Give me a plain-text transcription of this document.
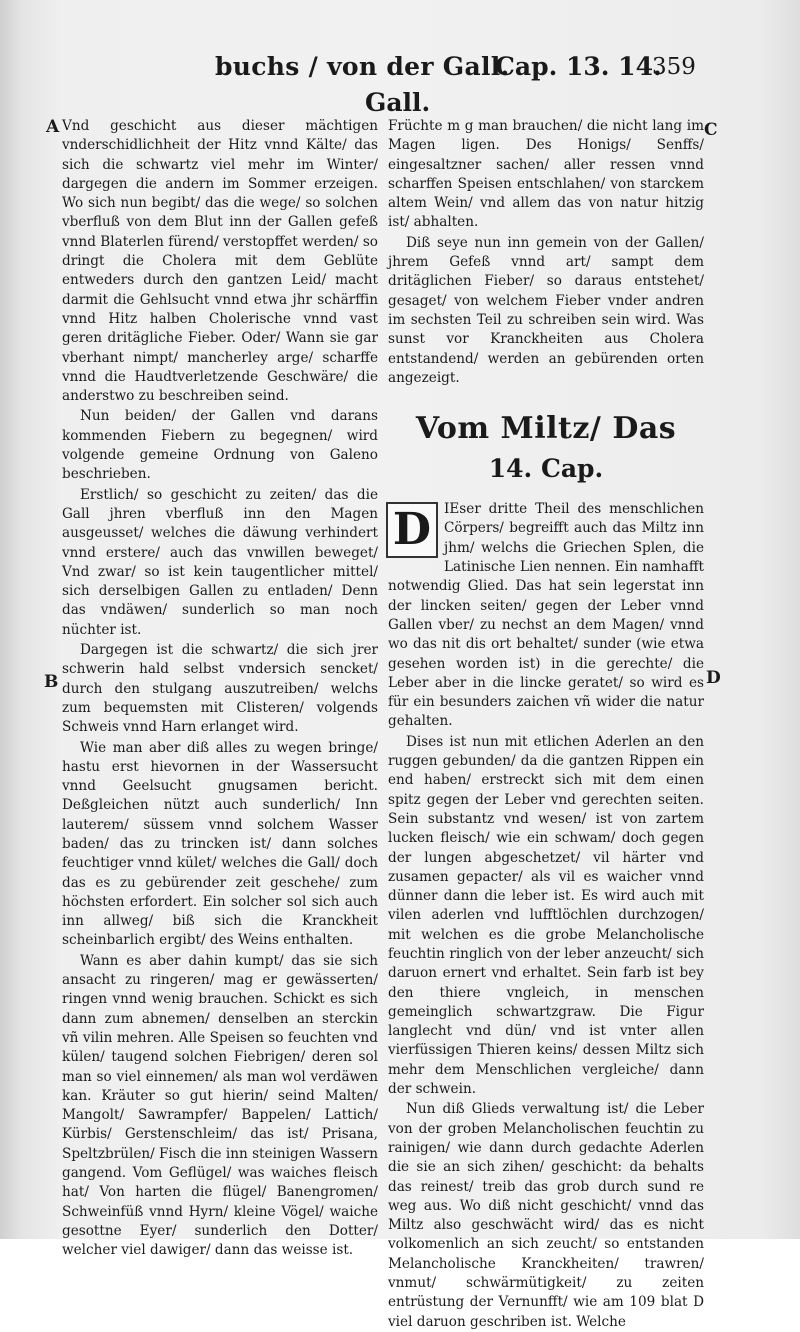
buchs / von der Gall.
Gall.
Cap. 13. 14.
359
A
B
C
D

Vnd geschicht aus dieser mächtigen vnderschidlichheit der Hitz vnnd Kälte/ das sich die schwartz viel mehr im Winter/ dargegen die andern im Sommer erzeigen. Wo sich nun begibt/ das die wege/ so solchen vberfluß von dem Blut inn der Gallen gefeß vnnd Blaterlen fürend/ verstopffet werden/ so dringt die Cholera mit dem Geblüte entweders durch den gantzen Leid/ macht darmit die Gehlsucht vnnd etwa jhr schärffin vnnd Hitz halben Cholerische vnnd vast geren dritägliche Fieber. Oder/ Wann sie gar vberhant nimpt/ mancherley arge/ scharffe vnnd die Haudtverletzende Geschwäre/ die anderstwo zu beschreiben seind.

Nun beiden/ der Gallen vnd darans kommenden Fiebern zu begegnen/ wird volgende gemeine Ordnung von Galeno beschrieben.

Erstlich/ so geschicht zu zeiten/ das die Gall jhren vberfluß inn den Magen ausgeusset/ welches die däwung verhindert vnnd erstere/ auch das vnwillen beweget/ Vnd zwar/ so ist kein taugentlicher mittel/ sich derselbigen Gallen zu entladen/ Denn das vndäwen/ sunderlich so man noch nüchter ist.

Dargegen ist die schwartz/ die sich jrer schwerin hald selbst vndersich sencket/ durch den stulgang auszutreiben/ welchs zum bequemsten mit Clisteren/ volgends Schweis vnnd Harn erlanget wird.

Wie man aber diß alles zu wegen bringe/ hastu erst hievornen in der Wassersucht vnnd Geelsucht gnugsamen bericht. Deßgleichen nützt auch sunderlich/ Inn lauterem/ süssem vnnd solchem Wasser baden/ das zu trincken ist/ dann solches feuchtiger vnnd kület/ welches die Gall/ doch das es zu gebürender zeit geschehe/ zum höchsten erfordert. Ein solcher sol sich auch inn allweg/ biß sich die Kranckheit scheinbarlich ergibt/ des Weins enthalten.

Wann es aber dahin kumpt/ das sie sich ansacht zu ringeren/ mag er gewässerten/ ringen vnnd wenig brauchen. Schickt es sich dann zum abnemen/ denselben an sterckin vñ vilin mehren. Alle Speisen so feuchten vnd külen/ taugend solchen Fiebrigen/ deren sol man so viel einnemen/ als man wol verdäwen kan. Kräuter so gut hierin/ seind Malten/ Mangolt/ Sawrampfer/ Bappelen/ Lattich/ Kürbis/ Gerstenschleim/ das ist/ Prisana, Speltzbrülen/ Fisch die inn steinigen Wassern gangend. Vom Geflügel/ was waiches fleisch hat/ Von harten die flügel/ Banengromen/ Schweinfüß vnnd Hyrn/ kleine Vögel/ waiche gesottne Eyer/ sunderlich den Dotter/ welcher viel dawiger/ dann das weisse ist.

Früchte m g man brauchen/ die nicht lang im Magen ligen. Des Honigs/ Senffs/ eingesaltzner sachen/ aller ressen vnnd scharffen Speisen entschlahen/ von starckem altem Wein/ vnd allem das von natur hitzig ist/ abhalten.

Diß seye nun inn gemein von der Gallen/ jhrem Gefeß vnnd art/ sampt dem dritäglichen Fieber/ so daraus entstehet/ gesaget/ von welchem Fieber vnder andren im sechsten Teil zu schreiben sein wird. Was sunst vor Kranckheiten aus Cholera entstandend/ werden an gebürenden orten angezeigt.

Vom Miltz/ Das
14. Cap.

D IEser dritte Theil des menschlichen Cörpers/ begreifft auch das Miltz inn jhm/ welchs die Griechen Splen, die Latinische Lien nennen. Ein namhafft notwendig Glied. Das hat sein legerstat inn der lincken seiten/ gegen der Leber vnnd Gallen vber/ zu nechst an dem Magen/ vnnd wo das nit dis ort behaltet/ sunder (wie etwa gesehen worden ist) in die gerechte/ die Leber aber in die lincke geratet/ so wird es für ein besunders zaichen vñ wider die natur gehalten.

Dises ist nun mit etlichen Aderlen an den ruggen gebunden/ da die gantzen Rippen ein end haben/ erstreckt sich mit dem einen spitz gegen der Leber vnd gerechten seiten. Sein substantz vnd wesen/ ist von zartem lucken fleisch/ wie ein schwam/ doch gegen der lungen abgeschetzet/ vil härter vnd zusamen gepacter/ als vil es waicher vnnd dünner dann die leber ist. Es wird auch mit vilen aderlen vnd lufftlöchlen durchzogen/ mit welchen es die grobe Melancholische feuchtin ringlich von der leber anzeucht/ sich daruon ernert vnd erhaltet. Sein farb ist bey den thiere vngleich, in menschen gemeinglich schwartzgraw. Die Figur langlecht vnd dün/ vnd ist vnter allen vierfüssigen Thieren keins/ dessen Miltz sich mehr dem Menschlichen vergleiche/ dann der schwein.

Nun diß Glieds verwaltung ist/ die Leber von der groben Melancholischen feuchtin zu rainigen/ wie dann durch gedachte Aderlen die sie an sich zihen/ geschicht: da behalts das reinest/ treib das grob durch sund re weg aus. Wo diß nicht geschicht/ vnnd das Miltz also geschwächt wird/ das es nicht volkomenlich an sich zeucht/ so entstanden Melancholische Kranckheiten/ trawren/ vnmut/ schwärmütigkeit/ zu zeiten entrüstung der Vernunfft/ wie am 109 blat D viel daruon geschriben ist. Welche
